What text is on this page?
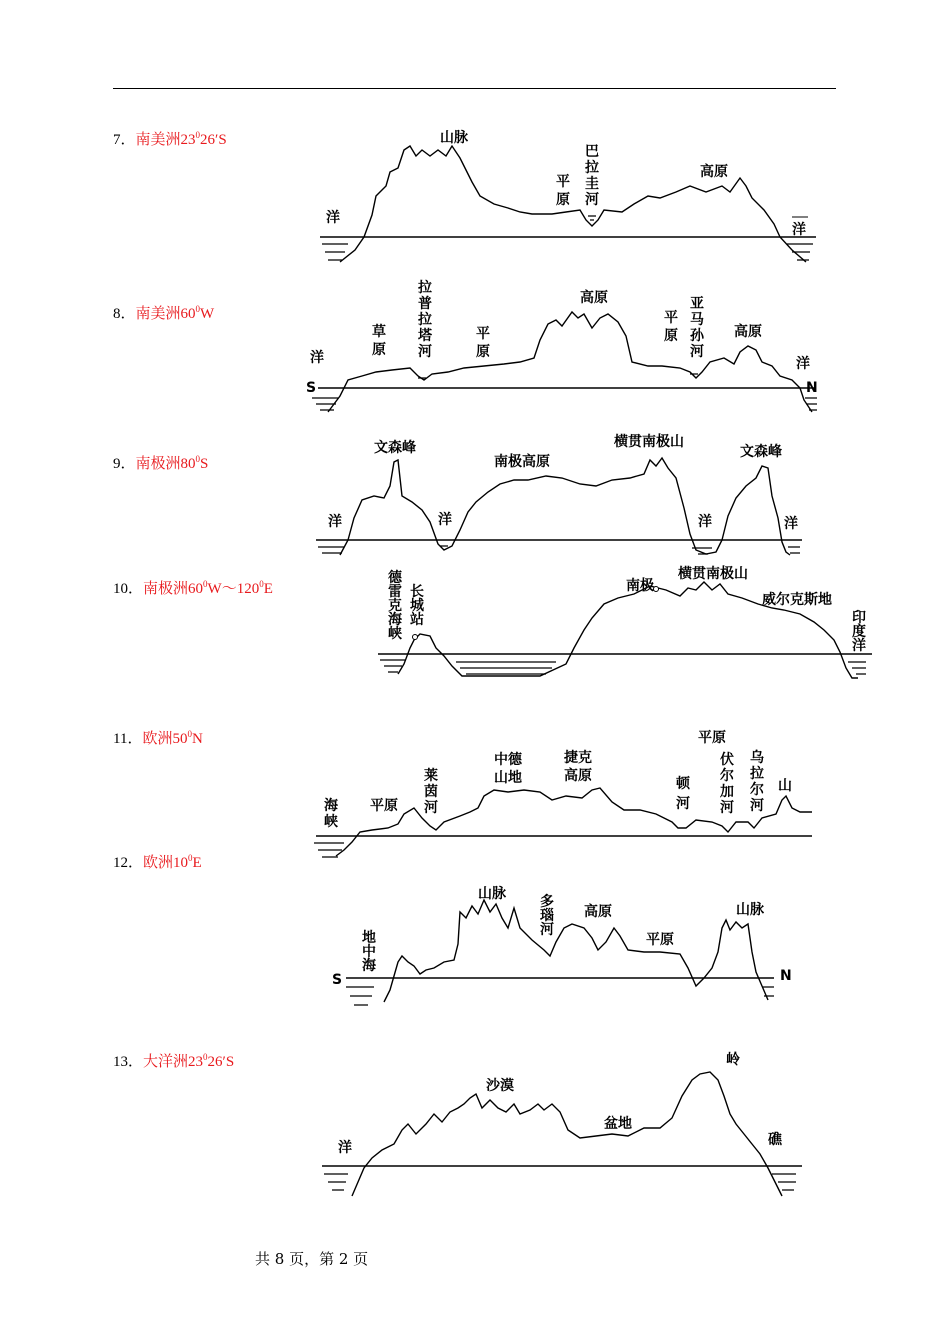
7．南美洲$23^026'S$
8．南美洲$60^0W$
9．南极洲$80^0S$
10．南极洲$60^0W\sim 120^0E$
11．欧洲$50^0N$
12．欧洲$10^0E$
13．大洋洲$23^026'S$
洋
洋
山脉
平
原
巴
拉
圭
河
高原
洋
S
洋
N
草
原
拉
普
拉
塔
河
平
原
高原
平
原
亚
马
孙
河
高原
洋	洋	洋	洋
文森峰
南极高原
横贯南极山
文森峰
德
雷
克
海
峡
长
城
站
南极
横贯南极山
威尔克斯地
印
度
洋
海
峡
平原
莱
茵
河
中德
山地
捷克
高原
平原
顿
河
伏
尔
加
河
乌
拉
尔
河
山
S	N
地
中
海
山脉 多
瑙
河
高原
平原
山脉
洋
沙漠
盆地
岭
礁
共 8 页，第 2 页
